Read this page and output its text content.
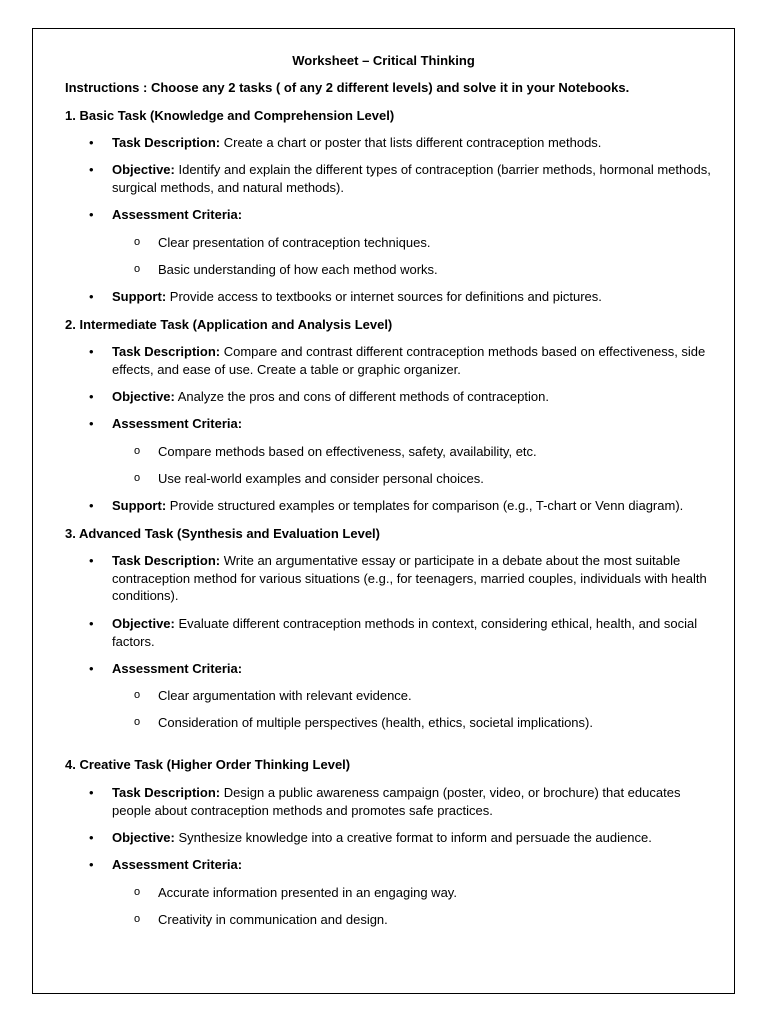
Worksheet – Critical Thinking
Instructions : Choose any 2 tasks ( of any 2 different levels) and solve it in your Notebooks.
1. Basic Task (Knowledge and Comprehension Level)
• Task Description: Create a chart or poster that lists different contraception methods.
• Objective: Identify and explain the different types of contraception (barrier methods, hormonal methods, surgical methods, and natural methods).
• Assessment Criteria:
o Clear presentation of contraception techniques.
o Basic understanding of how each method works.
• Support: Provide access to textbooks or internet sources for definitions and pictures.
2. Intermediate Task (Application and Analysis Level)
• Task Description: Compare and contrast different contraception methods based on effectiveness, side effects, and ease of use. Create a table or graphic organizer.
• Objective: Analyze the pros and cons of different methods of contraception.
• Assessment Criteria:
o Compare methods based on effectiveness, safety, availability, etc.
o Use real-world examples and consider personal choices.
• Support: Provide structured examples or templates for comparison (e.g., T-chart or Venn diagram).
3. Advanced Task (Synthesis and Evaluation Level)
• Task Description: Write an argumentative essay or participate in a debate about the most suitable contraception method for various situations (e.g., for teenagers, married couples, individuals with health conditions).
• Objective: Evaluate different contraception methods in context, considering ethical, health, and social factors.
• Assessment Criteria:
o Clear argumentation with relevant evidence.
o Consideration of multiple perspectives (health, ethics, societal implications).
4. Creative Task (Higher Order Thinking Level)
• Task Description: Design a public awareness campaign (poster, video, or brochure) that educates people about contraception methods and promotes safe practices.
• Objective: Synthesize knowledge into a creative format to inform and persuade the audience.
• Assessment Criteria:
o Accurate information presented in an engaging way.
o Creativity in communication and design.
